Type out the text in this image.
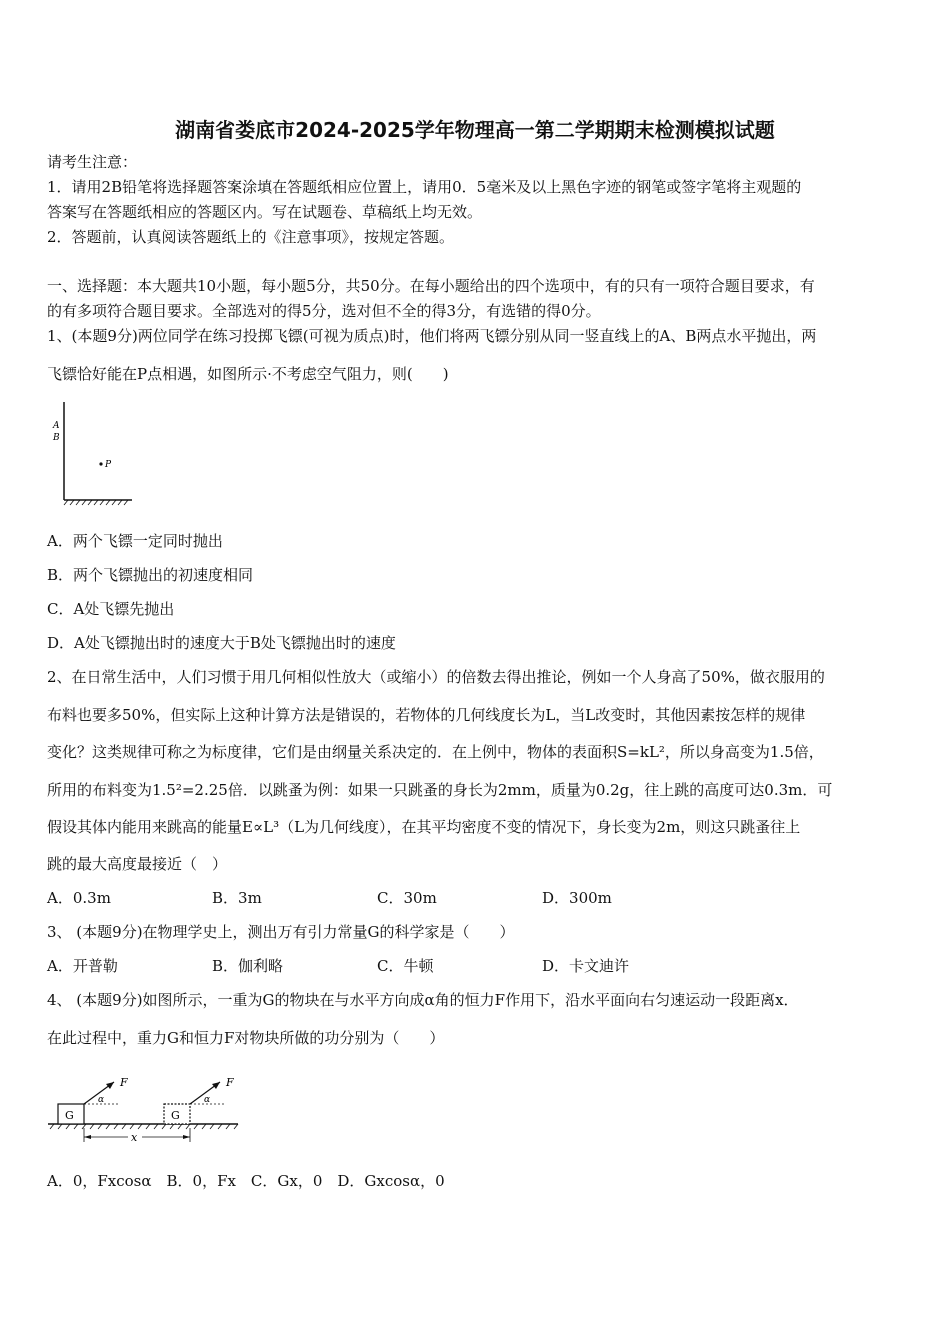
湖南省娄底市2024-2025学年物理高一第二学期期末检测模拟试题
请考生注意：
1．请用2B铅笔将选择题答案涂填在答题纸相应位置上，请用0．5毫米及以上黑色字迹的钢笔或签字笔将主观题的
答案写在答题纸相应的答题区内。写在试题卷、草稿纸上均无效。
2．答题前，认真阅读答题纸上的《注意事项》，按规定答题。
一、选择题：本大题共10小题，每小题5分，共50分。在每小题给出的四个选项中，有的只有一项符合题目要求，有
的有多项符合题目要求。全部选对的得5分，选对但不全的得3分，有选错的得0分。
1、(本题9分)两位同学在练习投掷飞镖(可视为质点)时，他们将两飞镖分别从同一竖直线上的A、B两点水平抛出，两
飞镖恰好能在P点相遇，如图所示·不考虑空气阻力，则(　　)
A
B
P
A．两个飞镖一定同时抛出
B．两个飞镖抛出的初速度相同
C．A处飞镖先抛出
D．A处飞镖抛出时的速度大于B处飞镖抛出时的速度
2、在日常生活中，人们习惯于用几何相似性放大（或缩小）的倍数去得出推论，例如一个人身高了50%，做衣服用的
布料也要多50%，但实际上这种计算方法是错误的，若物体的几何线度长为L，当L改变时，其他因素按怎样的规律
变化？这类规律可称之为标度律，它们是由纲量关系决定的．在上例中，物体的表面积S=kL²，所以身高变为1.5倍，
所用的布料变为1.5²=2.25倍．以跳蚤为例：如果一只跳蚤的身长为2mm，质量为0.2g，往上跳的高度可达0.3m．可
假设其体内能用来跳高的能量E∝L³（L为几何线度），在其平均密度不变的情况下，身长变为2m，则这只跳蚤往上
跳的最大高度最接近（　）
A．0.3m	B．3m	C．30m	D．300m
3、 (本题9分)在物理学史上，测出万有引力常量G的科学家是（　　）
A．开普勒	B．伽利略	C．牛顿	D．卡文迪许
4、 (本题9分)如图所示，一重为G的物块在与水平方向成α角的恒力F作用下，沿水平面向右匀速运动一段距离x．
在此过程中，重力G和恒力F对物块所做的功分别为（　　）
G
F
α
G
F
α
x
A．0，Fxcosα　B．0，Fx　C．Gx，0　D．Gxcosα，0
